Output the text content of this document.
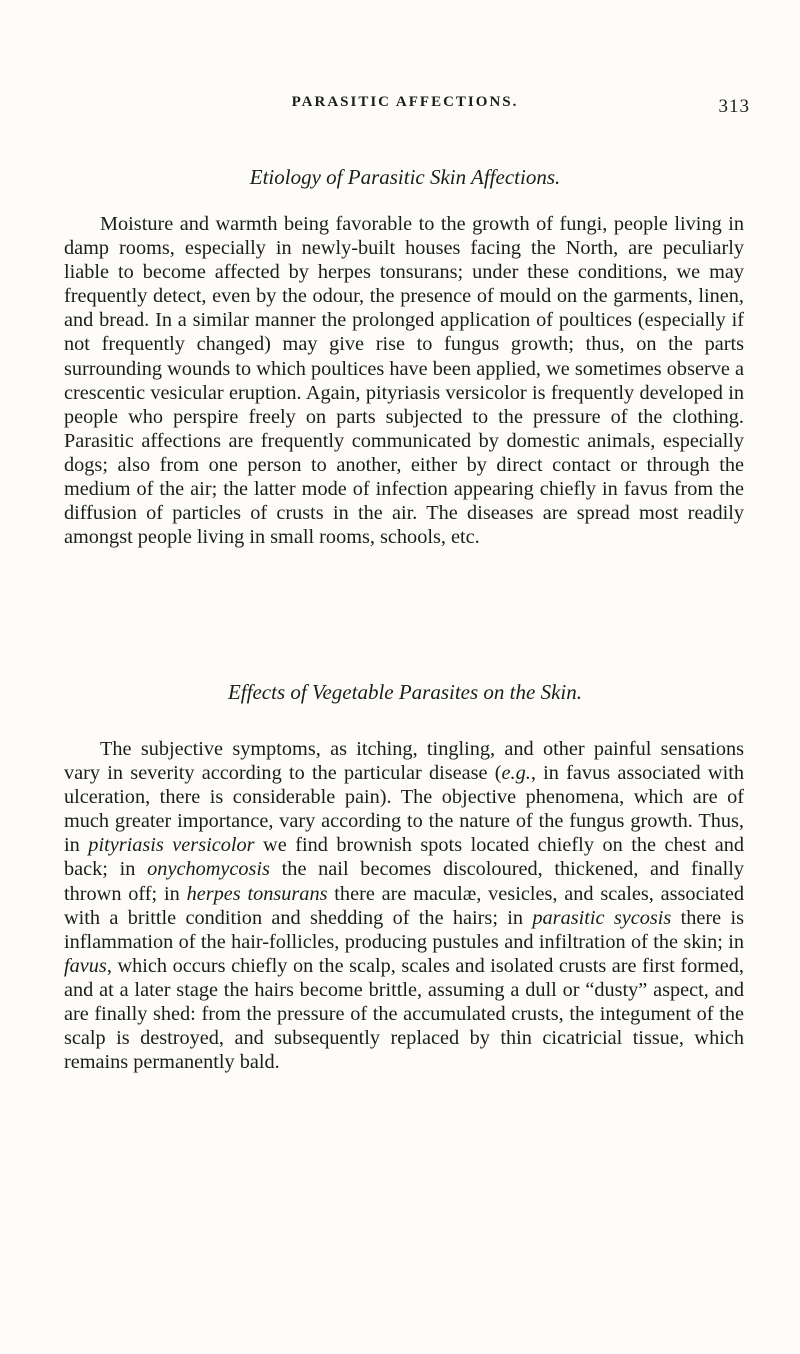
PARASITIC AFFECTIONS.	313
Etiology of Parasitic Skin Affections.

Moisture and warmth being favorable to the growth of fungi, people living in damp rooms, especially in newly-built houses facing the North, are peculiarly liable to become affected by herpes tonsurans; under these conditions, we may frequently detect, even by the odour, the presence of mould on the garments, linen, and bread. In a similar manner the prolonged application of poultices (especially if not frequently changed) may give rise to fungus growth; thus, on the parts surrounding wounds to which poultices have been applied, we sometimes observe a crescentic vesicular eruption. Again, pityriasis versicolor is frequently developed in people who perspire freely on parts subjected to the pressure of the clothing. Parasitic affections are frequently communicated by domestic animals, especially dogs; also from one person to another, either by direct contact or through the medium of the air; the latter mode of infection appearing chiefly in favus from the diffusion of particles of crusts in the air. The diseases are spread most readily amongst people living in small rooms, schools, etc.

Effects of Vegetable Parasites on the Skin.

The subjective symptoms, as itching, tingling, and other painful sensations vary in severity according to the particular disease (e.g., in favus associated with ulceration, there is considerable pain). The objective phenomena, which are of much greater importance, vary according to the nature of the fungus growth. Thus, in pityriasis versicolor we find brownish spots located chiefly on the chest and back; in onychomycosis the nail becomes discoloured, thickened, and finally thrown off; in herpes tonsurans there are maculæ, vesicles, and scales, associated with a brittle condition and shedding of the hairs; in parasitic sycosis there is inflammation of the hair-follicles, producing pustules and infiltration of the skin; in favus, which occurs chiefly on the scalp, scales and isolated crusts are first formed, and at a later stage the hairs become brittle, assuming a dull or “dusty” aspect, and are finally shed: from the pressure of the accumulated crusts, the integument of the scalp is destroyed, and subsequently replaced by thin cicatricial tissue, which remains permanently bald.
